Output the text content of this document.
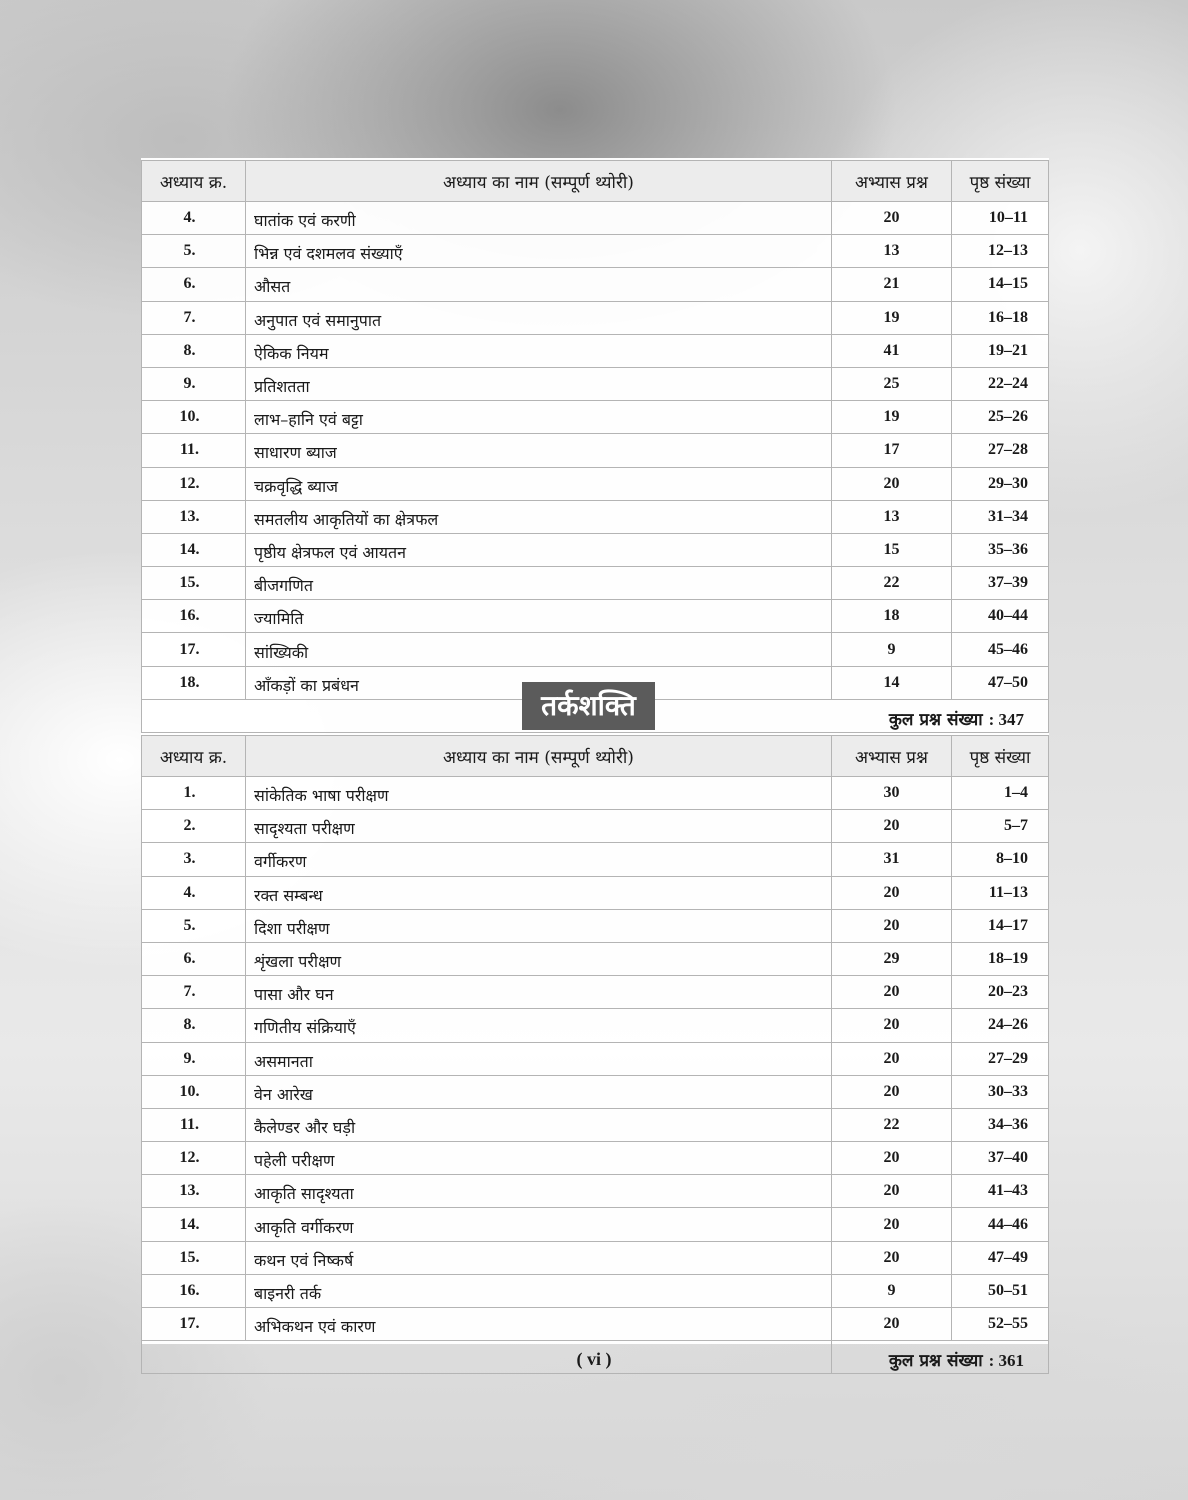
अध्याय क्र.	अध्याय का नाम (सम्पूर्ण थ्योरी)	अभ्यास प्रश्न	पृष्ठ संख्या
4.	घातांक एवं करणी	20	10–11
5.	भिन्न एवं दशमलव संख्याएँ	13	12–13
6.	औसत	21	14–15
7.	अनुपात एवं समानुपात	19	16–18
8.	ऐकिक नियम	41	19–21
9.	प्रतिशतता	25	22–24
10.	लाभ–हानि एवं बट्टा	19	25–26
11.	साधारण ब्याज	17	27–28
12.	चक्रवृद्धि ब्याज	20	29–30
13.	समतलीय आकृतियों का क्षेत्रफल	13	31–34
14.	पृष्ठीय क्षेत्रफल एवं आयतन	15	35–36
15.	बीजगणित	22	37–39
16.	ज्यामिति	18	40–44
17.	सांख्यिकी	9	45–46
18.	आँकड़ों का प्रबंधन	14	47–50

			कुल प्रश्न संख्या : 347
तर्कशक्ति
अध्याय क्र.	अध्याय का नाम (सम्पूर्ण थ्योरी)	अभ्यास प्रश्न	पृष्ठ संख्या
1.	सांकेतिक भाषा परीक्षण	30	1–4
2.	सादृश्यता परीक्षण	20	5–7
3.	वर्गीकरण	31	8–10
4.	रक्त सम्बन्ध	20	11–13
5.	दिशा परीक्षण	20	14–17
6.	शृंखला परीक्षण	29	18–19
7.	पासा और घन	20	20–23
8.	गणितीय संक्रियाएँ	20	24–26
9.	असमानता	20	27–29
10.	वेन आरेख	20	30–33
11.	कैलेण्डर और घड़ी	22	34–36
12.	पहेली परीक्षण	20	37–40
13.	आकृति सादृश्यता	20	41–43
14.	आकृति वर्गीकरण	20	44–46
15.	कथन एवं निष्कर्ष	20	47–49
16.	बाइनरी तर्क	9	50–51
17.	अभिकथन एवं कारण	20	52–55

		कुल प्रश्न संख्या : 361	
( vi )
